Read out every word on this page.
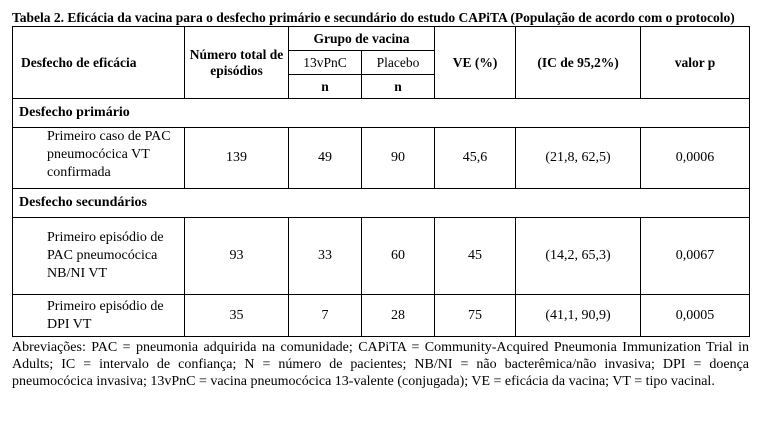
Tabela 2. Eficácia da vacina para o desfecho primário e secundário do estudo CAPiTA (População de acordo com o protocolo)
Desfecho de eficácia	Número total de episódios	Grupo de vacina		VE (%)	(IC de 95,2%)	valor p
		13vPnC	Placebo			
		n	n			
Desfecho primário						

Primeiro caso de PAC pneumocócica VT confirmada	139	49	90	45,6	(21,8, 62,5)	0,0006
Desfecho secundários						
Primeiro episódio de PAC pneumocócica NB/NI VT	93	33	60	45	(14,2, 65,3)	0,0067
Primeiro episódio de DPI VT	35	7	28	75	(41,1, 90,9)	0,0005
Abreviações: PAC = pneumonia adquirida na comunidade; CAPiTA = Community-Acquired Pneumonia Immunization Trial in Adults; IC = intervalo de confiança; N = número de pacientes; NB/NI = não bacterêmica/não invasiva; DPI = doença pneumocócica invasiva; 13vPnC = vacina pneumocócica 13-valente (conjugada); VE = eficácia da vacina; VT = tipo vacinal.
